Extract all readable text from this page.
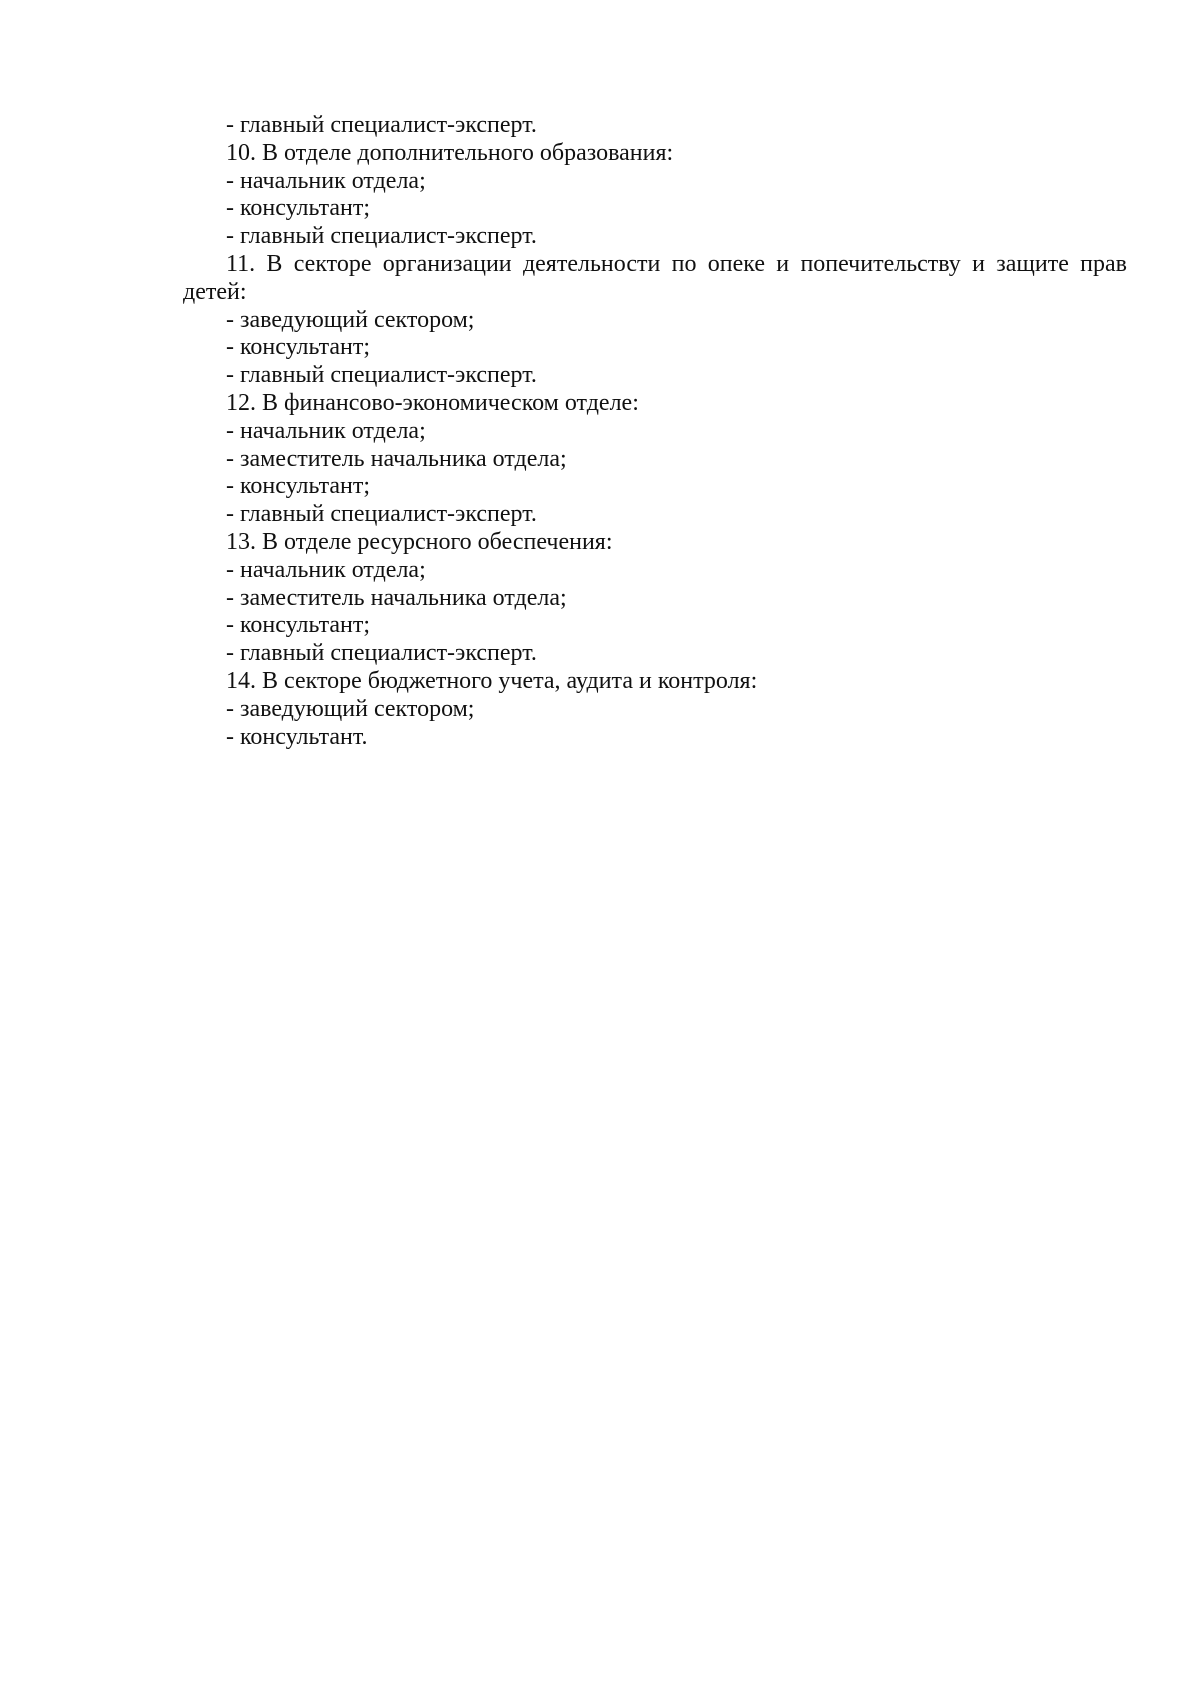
- главный специалист-эксперт.
10. В отделе дополнительного образования:
- начальник отдела;
- консультант;
- главный специалист-эксперт.
11. В секторе организации деятельности по опеке и попечительству и защите прав
детей:
- заведующий сектором;
- консультант;
- главный специалист-эксперт.
12. В финансово-экономическом отделе:
- начальник отдела;
- заместитель начальника отдела;
- консультант;
- главный специалист-эксперт.
13. В отделе ресурсного обеспечения:
- начальник отдела;
- заместитель начальника отдела;
- консультант;
- главный специалист-эксперт.
14. В секторе бюджетного учета, аудита и контроля:
- заведующий сектором;
- консультант.
